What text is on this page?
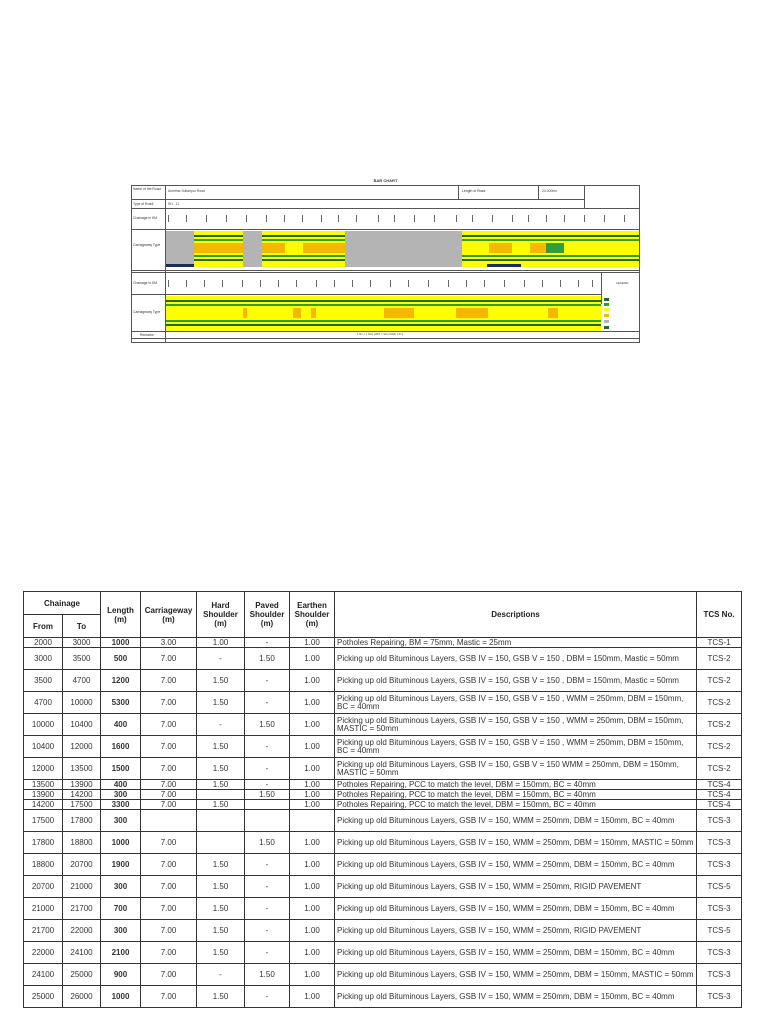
BAR CHART
Name of the Road:	Amethia Sultanpur Road	Length of Road:	24.000km
Type of Road:	SH - 11
Chainage in KM
Carriageway Type
Chainage in KM	LEGEND
Carriageway Type
Remarks	1.0m = 1 Strip (HRS = Strip Width 1.0m)
Chainage		Length (m)	Carriageway (m)	Hard Shoulder (m)	Paved Shoulder (m)	Earthen Shoulder (m)	Descriptions	TCS No.
From	To							
2000	3000	1000	3.00	1.00	-	1.00	Potholes Repairing, BM = 75mm, Mastic = 25mm	TCS-1
3000	3500	500	7.00	-	1.50	1.00	Picking up old Bituminous Layers, GSB IV = 150, GSB V = 150 , DBM = 150mm, Mastic = 50mm	TCS-2
3500	4700	1200	7.00	1.50	-	1.00	Picking up old Bituminous Layers, GSB IV = 150, GSB V = 150 , DBM = 150mm, Mastic = 50mm	TCS-2
4700	10000	5300	7.00	1.50	-	1.00	Picking up old Bituminous Layers, GSB IV = 150, GSB V = 150 , WMM = 250mm, DBM = 150mm, BC = 40mm	TCS-2
10000	10400	400	7.00	-	1.50	1.00	Picking up old Bituminous Layers, GSB IV = 150, GSB V = 150 , WMM = 250mm, DBM = 150mm, MASTIC = 50mm	TCS-2
10400	12000	1600	7.00	1.50	-	1.00	Picking up old Bituminous Layers, GSB IV = 150, GSB V = 150 , WMM = 250mm, DBM = 150mm, BC = 40mm	TCS-2
12000	13500	1500	7.00	1.50	-	1.00	Picking up old Bituminous Layers, GSB IV = 150, GSB V = 150 WMM = 250mm, DBM = 150mm, MASTIC = 50mm	TCS-2
13500	13900	400	7.00	1.50	-	1.00	Potholes Repairing, PCC to match the level, DBM = 150mm, BC = 40mm	TCS-4
13900	14200	300	7.00		1.50	1.00	Potholes Repairing, PCC to match the level, DBM = 150mm, BC = 40mm	TCS-4
14200	17500	3300	7.00	1.50		1.00	Potholes Repairing, PCC to match the level, DBM = 150mm, BC = 40mm	TCS-4
17500	17800	300					Picking up old Bituminous Layers, GSB IV = 150, WMM = 250mm, DBM = 150mm, BC = 40mm	TCS-3
17800	18800	1000	7.00		1.50	1.00	Picking up old Bituminous Layers, GSB IV = 150, WMM = 250mm, DBM = 150mm, MASTIC = 50mm	TCS-3
18800	20700	1900	7.00	1.50	-	1.00	Picking up old Bituminous Layers, GSB IV = 150, WMM = 250mm, DBM = 150mm, BC = 40mm	TCS-3
20700	21000	300	7.00	1.50	-	1.00	Picking up old Bituminous Layers, GSB IV = 150, WMM = 250mm, RIGID PAVEMENT	TCS-5
21000	21700	700	7.00	1.50	-	1.00	Picking up old Bituminous Layers, GSB IV = 150, WMM = 250mm, DBM = 150mm, BC = 40mm	TCS-3
21700	22000	300	7.00	1.50	-	1.00	Picking up old Bituminous Layers, GSB IV = 150, WMM = 250mm, RIGID PAVEMENT	TCS-5
22000	24100	2100	7.00	1.50	-	1.00	Picking up old Bituminous Layers, GSB IV = 150, WMM = 250mm, DBM = 150mm, BC = 40mm	TCS-3
24100	25000	900	7.00	-	1.50	1.00	Picking up old Bituminous Layers, GSB IV = 150, WMM = 250mm, DBM = 150mm, MASTIC = 50mm	TCS-3
25000	26000	1000	7.00	1.50	-	1.00	Picking up old Bituminous Layers, GSB IV = 150, WMM = 250mm, DBM = 150mm, BC = 40mm	TCS-3
